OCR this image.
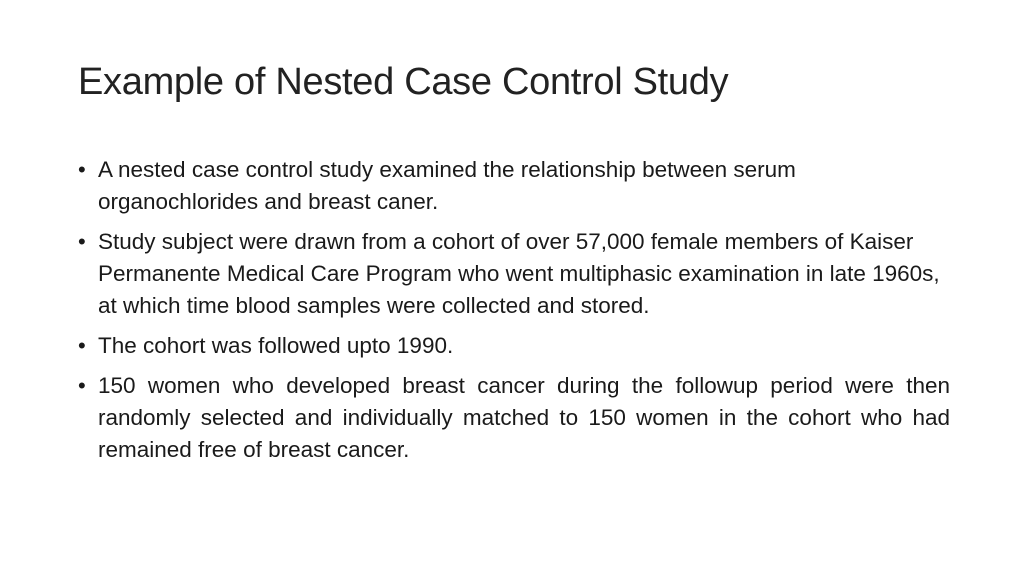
Example of Nested Case Control Study
• A nested case control study examined the relationship between serum organochlorides and breast caner.
• Study subject were drawn from a cohort of over 57,000 female members of Kaiser Permanente Medical Care Program who went multiphasic examination in late 1960s, at which time blood samples were collected and stored.
• The cohort was followed upto 1990.
• 150 women who developed breast cancer during the followup period were then randomly selected and individually matched to 150 women in the cohort who had remained free of breast cancer.
